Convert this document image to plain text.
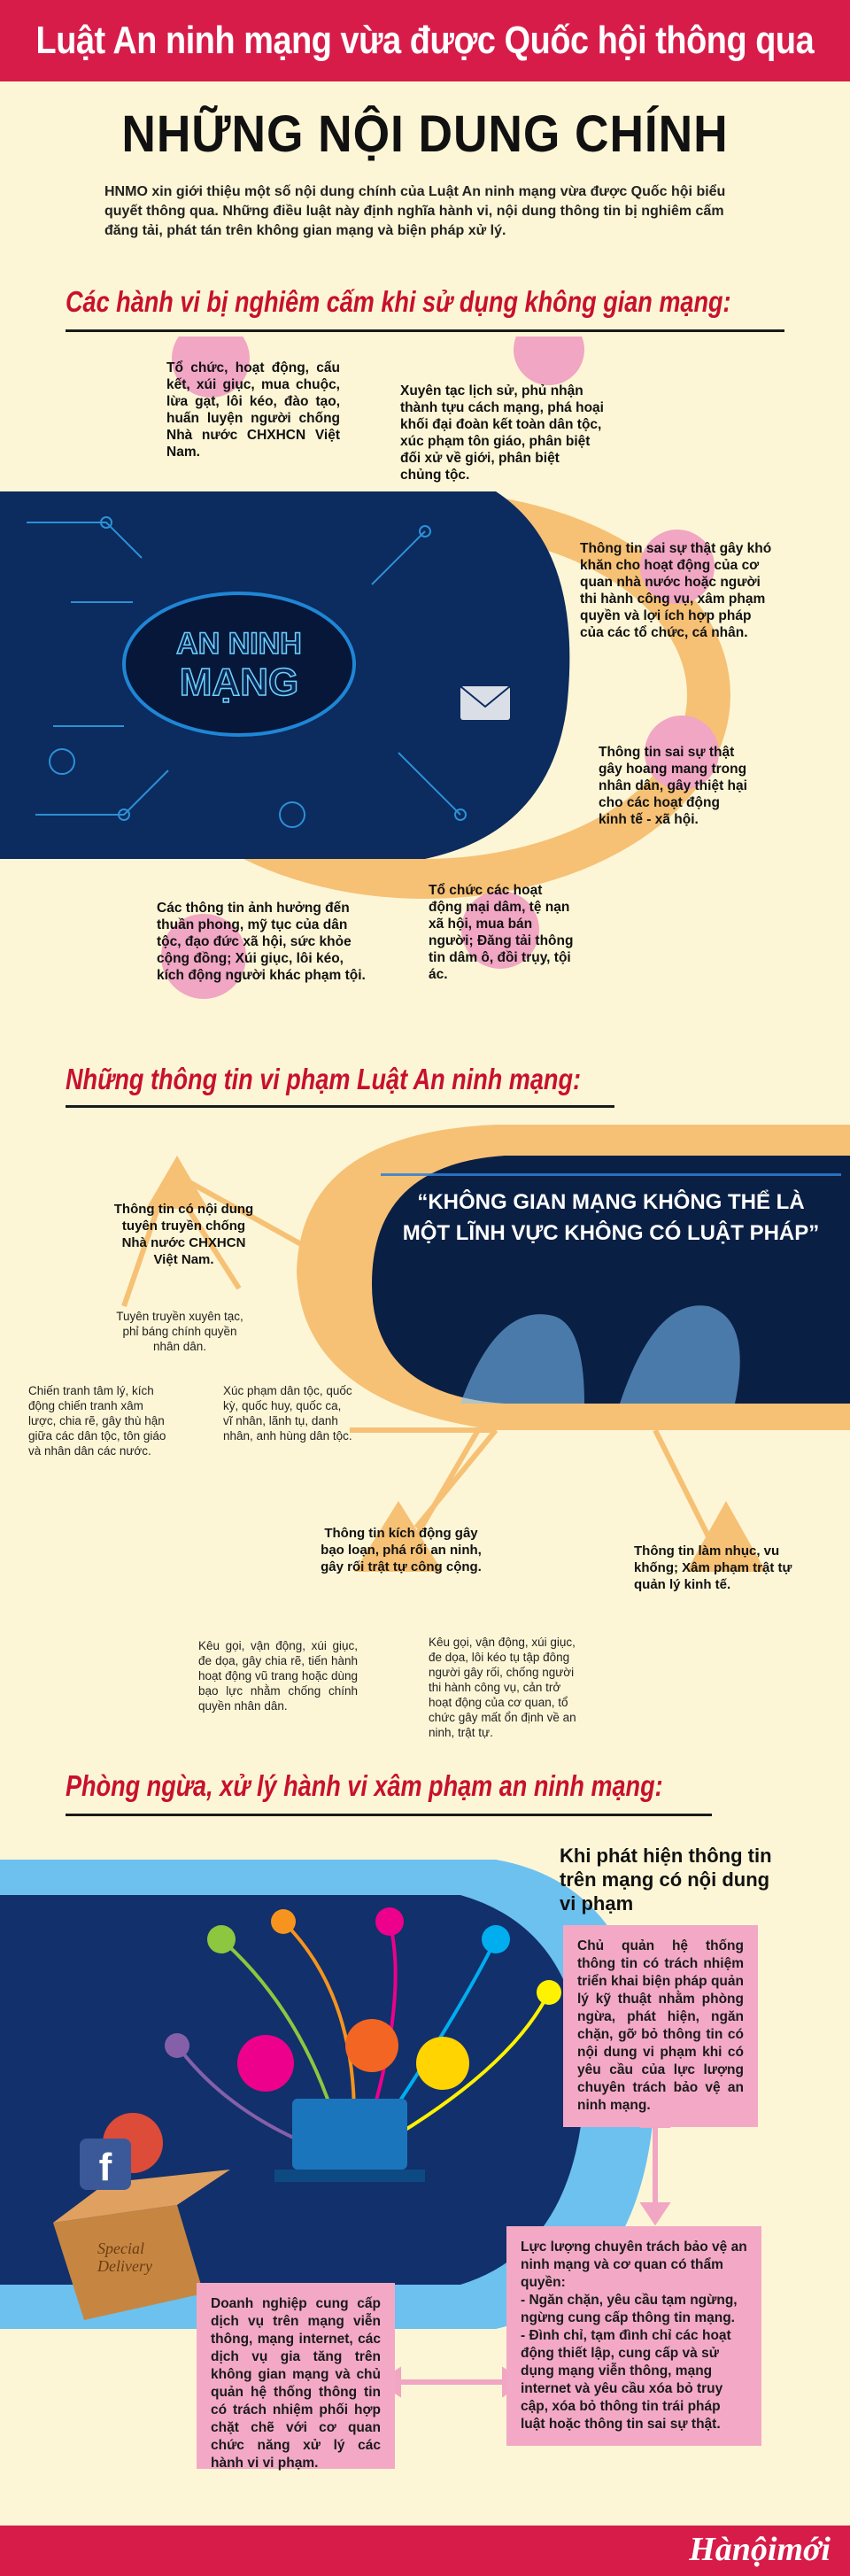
Luật An ninh mạng vừa được Quốc hội thông qua
NHỮNG NỘI DUNG CHÍNH
HNMO xin giới thiệu một số nội dung chính của Luật An ninh mạng vừa được Quốc hội biểu quyết thông qua. Những điều luật này định nghĩa hành vi, nội dung thông tin bị nghiêm cấm đăng tải, phát tán trên không gian mạng và biện pháp xử lý.
Các hành vi bị nghiêm cấm khi sử dụng không gian mạng:
AN NINH
MẠNG
Tổ chức, hoạt động, cấu kết, xúi giục, mua chuộc, lừa gạt, lôi kéo, đào tạo, huấn luyện người chống Nhà nước CHXHCN Việt Nam.
Xuyên tạc lịch sử, phủ nhận thành tựu cách mạng, phá hoại khối đại đoàn kết toàn dân tộc, xúc phạm tôn giáo, phân biệt đối xử về giới, phân biệt chủng tộc.
Thông tin sai sự thật gây khó khăn cho hoạt động của cơ quan nhà nước hoặc người thi hành công vụ, xâm phạm quyền và lợi ích hợp pháp của các tổ chức, cá nhân.
Thông tin sai sự thật gây hoang mang trong nhân dân, gây thiệt hại cho các hoạt động kinh tế - xã hội.
Tổ chức các hoạt động mại dâm, tệ nạn xã hội, mua bán người; Đăng tải thông tin dâm ô, đồi trụy, tội ác.
Các thông tin ảnh hưởng đến thuần phong, mỹ tục của dân tộc, đạo đức xã hội, sức khỏe cộng đồng; Xúi giục, lôi kéo, kích động người khác phạm tội.
Những thông tin vi phạm Luật An ninh mạng:
“KHÔNG GIAN MẠNG KHÔNG THỂ LÀ
MỘT LĨNH VỰC KHÔNG CÓ LUẬT PHÁP”
Thông tin có nội dung tuyên truyền chống Nhà nước CHXHCN Việt Nam.
Tuyên truyền xuyên tạc, phỉ báng chính quyền nhân dân.
Chiến tranh tâm lý, kích động chiến tranh xâm lược, chia rẽ, gây thù hận giữa các dân tộc, tôn giáo và nhân dân các nước.
Xúc phạm dân tộc, quốc kỳ, quốc huy, quốc ca, vĩ nhân, lãnh tụ, danh nhân, anh hùng dân tộc.
Thông tin kích động gây bạo loạn, phá rối an ninh, gây rối trật tự công cộng.
Kêu gọi, vận động, xúi giục, đe dọa, gây chia rẽ, tiến hành hoạt động vũ trang hoặc dùng bạo lực nhằm chống chính quyền nhân dân.
Kêu gọi, vận động, xúi giục, đe dọa, lôi kéo tụ tập đông người gây rối, chống người thi hành công vụ, cản trở hoạt động của cơ quan, tổ chức gây mất ổn định về an ninh, trật tự.
Thông tin làm nhục, vu khống; Xâm phạm trật tự quản lý kinh tế.
Phòng ngừa, xử lý hành vi xâm phạm an ninh mạng:
Special
Delivery
f
Khi phát hiện thông tin trên mạng có nội dung vi phạm
Chủ quản hệ thống thông tin có trách nhiệm triển khai biện pháp quản lý kỹ thuật nhằm phòng ngừa, phát hiện, ngăn chặn, gỡ bỏ thông tin có nội dung vi phạm khi có yêu cầu của lực lượng chuyên trách bảo vệ an ninh mạng.
Lực lượng chuyên trách bảo vệ an ninh mạng và cơ quan có thẩm quyền:
- Ngăn chặn, yêu cầu tạm ngừng, ngừng cung cấp thông tin mạng.
- Đình chỉ, tạm đình chỉ các hoạt động thiết lập, cung cấp và sử dụng mạng viễn thông, mạng internet và yêu cầu xóa bỏ truy cập, xóa bỏ thông tin trái pháp luật hoặc thông tin sai sự thật.
Doanh nghiệp cung cấp dịch vụ trên mạng viễn thông, mạng internet, các dịch vụ gia tăng trên không gian mạng và chủ quản hệ thống thông tin có trách nhiệm phối hợp chặt chẽ với cơ quan chức năng xử lý các hành vi vi phạm.
Hànộimới
